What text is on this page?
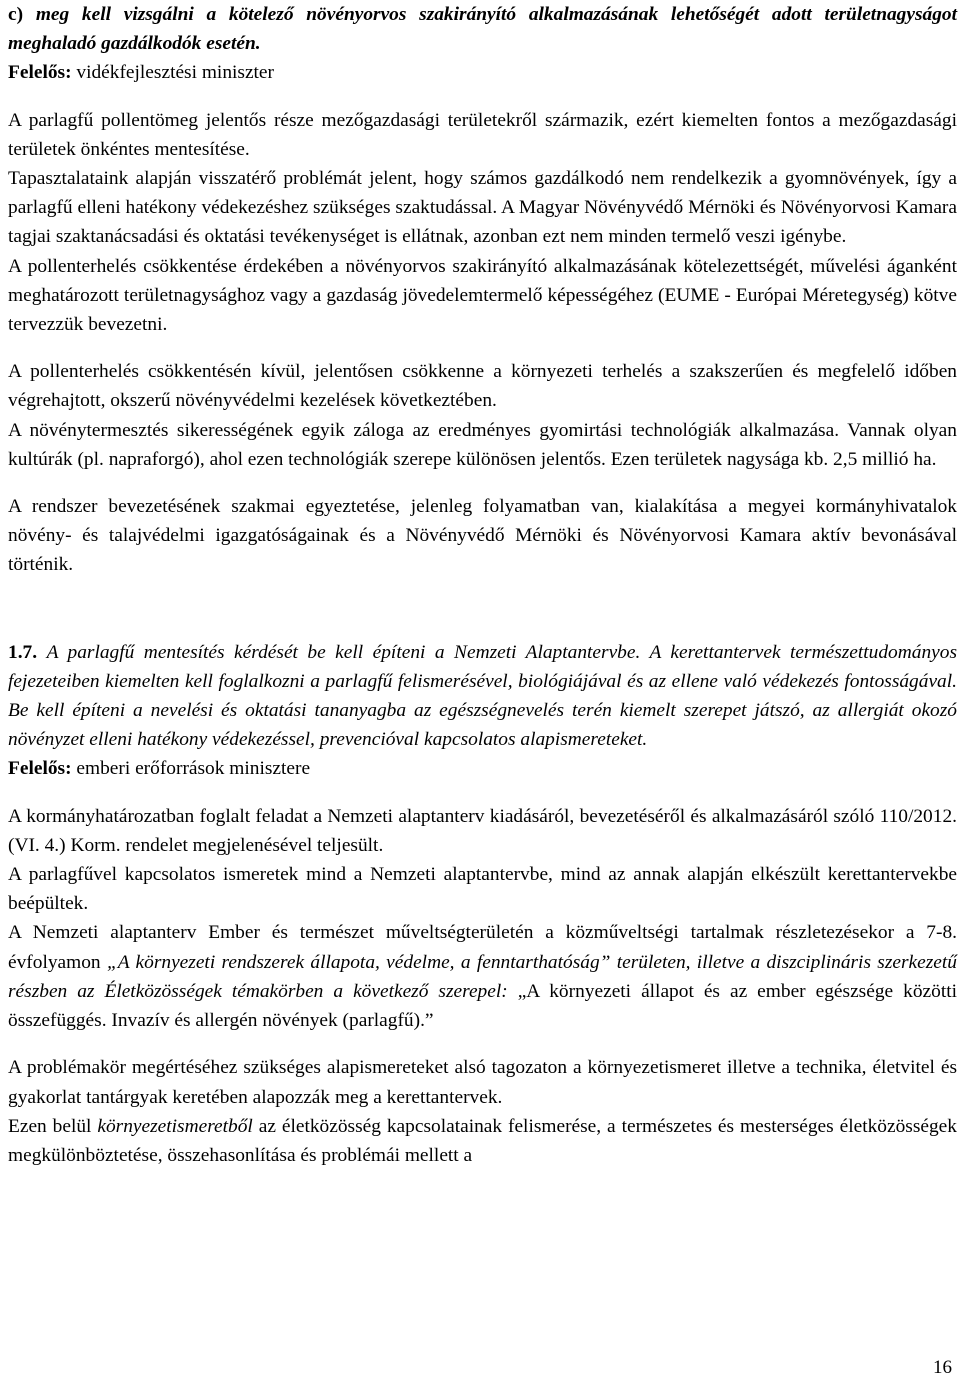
c) meg kell vizsgálni a kötelező növényorvos szakirányító alkalmazásának lehetőségét adott területnagyságot meghaladó gazdálkodók esetén.

Felelős: vidékfejlesztési miniszter

A parlagfű pollentömeg jelentős része mezőgazdasági területekről származik, ezért kiemelten fontos a mezőgazdasági területek önkéntes mentesítése.

Tapasztalataink alapján visszatérő problémát jelent, hogy számos gazdálkodó nem rendelkezik a gyomnövények, így a parlagfű elleni hatékony védekezéshez szükséges szaktudással. A Magyar Növényvédő Mérnöki és Növényorvosi Kamara tagjai szaktanácsadási és oktatási tevékenységet is ellátnak, azonban ezt nem minden termelő veszi igénybe.

A pollenterhelés csökkentése érdekében a növényorvos szakirányító alkalmazásának kötelezettségét, művelési áganként meghatározott területnagysághoz vagy a gazdaság jövedelemtermelő képességéhez (EUME - Európai Méretegység) kötve tervezzük bevezetni.

A pollenterhelés csökkentésén kívül, jelentősen csökkenne a környezeti terhelés a szakszerűen és megfelelő időben végrehajtott, okszerű növényvédelmi kezelések következtében.

A növénytermesztés sikerességének egyik záloga az eredményes gyomirtási technológiák alkalmazása. Vannak olyan kultúrák (pl. napraforgó), ahol ezen technológiák szerepe különösen jelentős. Ezen területek nagysága kb. 2,5 millió ha.

A rendszer bevezetésének szakmai egyeztetése, jelenleg folyamatban van, kialakítása a megyei kormányhivatalok növény- és talajvédelmi igazgatóságainak és a Növényvédő Mérnöki és Növényorvosi Kamara aktív bevonásával történik.

1.7. A parlagfű mentesítés kérdését be kell építeni a Nemzeti Alaptantervbe. A kerettantervek természettudományos fejezeteiben kiemelten kell foglalkozni a parlagfű felismerésével, biológiájával és az ellene való védekezés fontosságával. Be kell építeni a nevelési és oktatási tananyagba az egészségnevelés terén kiemelt szerepet játszó, az allergiát okozó növényzet elleni hatékony védekezéssel, prevencióval kapcsolatos alapismereteket.

Felelős: emberi erőforrások minisztere

A kormányhatározatban foglalt feladat a Nemzeti alaptanterv kiadásáról, bevezetéséről és alkalmazásáról szóló 110/2012. (VI. 4.) Korm. rendelet megjelenésével teljesült.

A parlagfűvel kapcsolatos ismeretek mind a Nemzeti alaptantervbe, mind az annak alapján elkészült kerettantervekbe beépültek.

A Nemzeti alaptanterv Ember és természet műveltségterületén a közműveltségi tartalmak részletezésekor a 7-8. évfolyamon „A környezeti rendszerek állapota, védelme, a fenntarthatóság” területen, illetve a diszciplináris szerkezetű részben az Életközösségek témakörben a következő szerepel: „A környezeti állapot és az ember egészsége közötti összefüggés. Invazív és allergén növények (parlagfű).”

A problémakör megértéséhez szükséges alapismereteket alsó tagozaton a környezetismeret illetve a technika, életvitel és gyakorlat tantárgyak keretében alapozzák meg a kerettantervek.

Ezen belül környezetismeretből az életközösség kapcsolatainak felismerése, a természetes és mesterséges életközösségek megkülönböztetése, összehasonlítása és problémái mellett a

16
